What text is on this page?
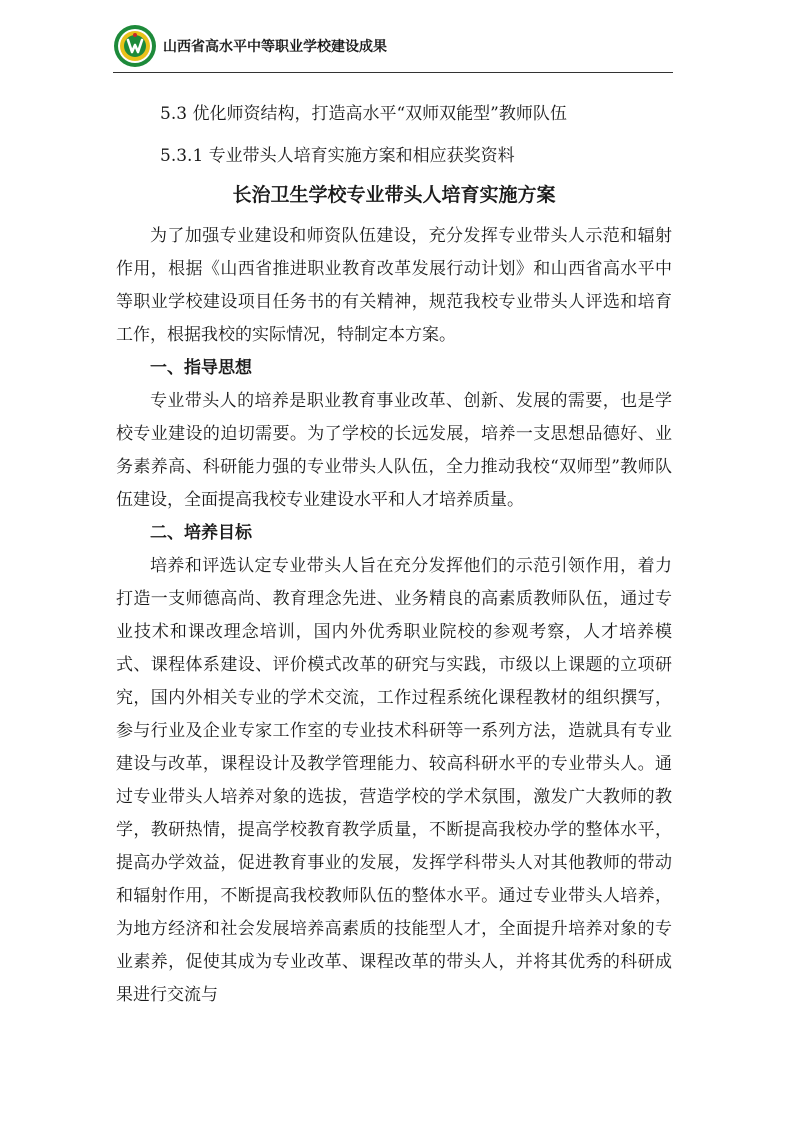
山西省高水平中等职业学校建设成果

5.3 优化师资结构，打造高水平“双师双能型”教师队伍

5.3.1 专业带头人培育实施方案和相应获奖资料

长治卫生学校专业带头人培育实施方案

为了加强专业建设和师资队伍建设，充分发挥专业带头人示范和辐射作用，根据《山西省推进职业教育改革发展行动计划》和山西省高水平中等职业学校建设项目任务书的有关精神，规范我校专业带头人评选和培育工作，根据我校的实际情况，特制定本方案。

一、指导思想

专业带头人的培养是职业教育事业改革、创新、发展的需要，也是学校专业建设的迫切需要。为了学校的长远发展，培养一支思想品德好、业务素养高、科研能力强的专业带头人队伍，全力推动我校“双师型”教师队伍建设，全面提高我校专业建设水平和人才培养质量。

二、培养目标

培养和评选认定专业带头人旨在充分发挥他们的示范引领作用，着力打造一支师德高尚、教育理念先进、业务精良的高素质教师队伍，通过专业技术和课改理念培训，国内外优秀职业院校的参观考察，人才培养模式、课程体系建设、评价模式改革的研究与实践，市级以上课题的立项研究，国内外相关专业的学术交流，工作过程系统化课程教材的组织撰写，参与行业及企业专家工作室的专业技术科研等一系列方法，造就具有专业建设与改革，课程设计及教学管理能力、较高科研水平的专业带头人。通过专业带头人培养对象的选拔，营造学校的学术氛围，激发广大教师的教学，教研热情，提高学校教育教学质量，不断提高我校办学的整体水平，提高办学效益，促进教育事业的发展，发挥学科带头人对其他教师的带动和辐射作用，不断提高我校教师队伍的整体水平。通过专业带头人培养，为地方经济和社会发展培养高素质的技能型人才，全面提升培养对象的专业素养，促使其成为专业改革、课程改革的带头人，并将其优秀的科研成果进行交流与
